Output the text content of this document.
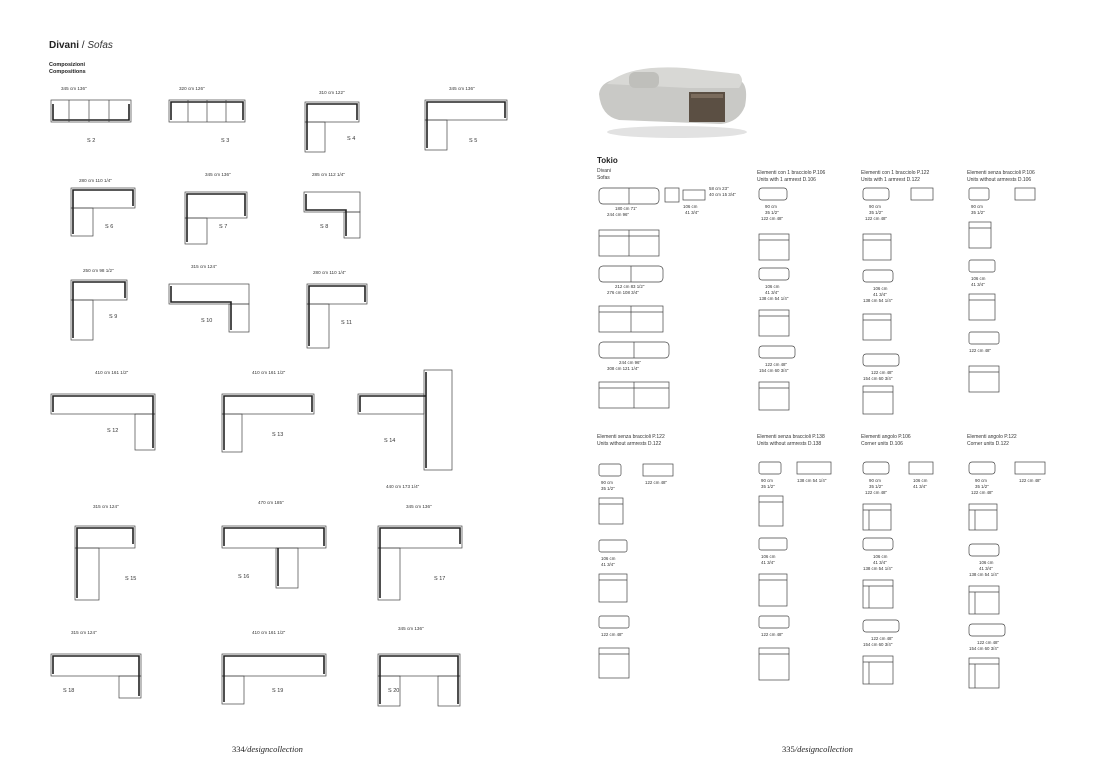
Divani / Sofas
Composizioni
Compositions
345 cm 136"
S 2
320 cm 126"
S 3
310 cm 122"
S 4
345 cm 136"
S 5
280 cm 110 1/4"
S 6
345 cm 136"
S 7
285 cm 112 1/4"
S 8
250 cm 98 1/2"
S 9
315 cm 124"
S 10
280 cm 110 1/4"
S 11
410 cm 161 1/2"
S 12
410 cm 161 1/2"
S 13
S 14
440 cm 173 1/4"
315 cm 124"
S 15
470 cm 185"
S 16
345 cm 136"
S 17
315 cm 124"
S 18
410 cm 161 1/2"
S 19
345 cm 136"
S 20
334/designcollection
Tokio
Divani
Sofas
180 cm 71"
244 cm 96"
106 cm
41 3/4"
58 cm 23"
40 cm 15 3/4"
212 cm 83 1/2"
276 cm 108 3/4"
244 cm 96"
308 cm 121 1/4"
Elementi con 1 bracciolo P.106
Units with 1 armrest D.106
Elementi con 1 bracciolo P.122
Units with 1 armrest D.122
Elementi senza braccioli P.106
Units without armrests D.106
90 cm
35 1/2"
122 cm 48"
106 cm
41 3/4"
138 cm 54 1/4"
122 cm 48"
154 cm 60 3/4"
90 cm
35 1/2"
122 cm 48"
106 cm
41 3/4"
138 cm 54 1/4"
122 cm 48"
154 cm 60 3/4"
90 cm
35 1/2"
106 cm
41 3/4"
122 cm 48"
Elementi senza braccioli P.122
Units without armrests D.122
Elementi senza braccioli P.138
Units without armrests D.138
Elementi angolo P.106
Corner units D.106
Elementi angolo P.122
Corner units D.122
90 cm
35 1/2"
122 cm 48"
106 cm
41 3/4"
122 cm 48"
90 cm
35 1/2"
138 cm 54 1/4"
106 cm
41 3/4"
122 cm 48"
90 cm
35 1/2"
122 cm 48"
106 cm
41 3/4"
106 cm
41 3/4"
138 cm 54 1/4"
122 cm 48"
154 cm 60 3/4"
90 cm
35 1/2"
122 cm 48"
122 cm 48"
106 cm
41 3/4"
138 cm 54 1/4"
122 cm 48"
154 cm 60 3/4"
335/designcollection
